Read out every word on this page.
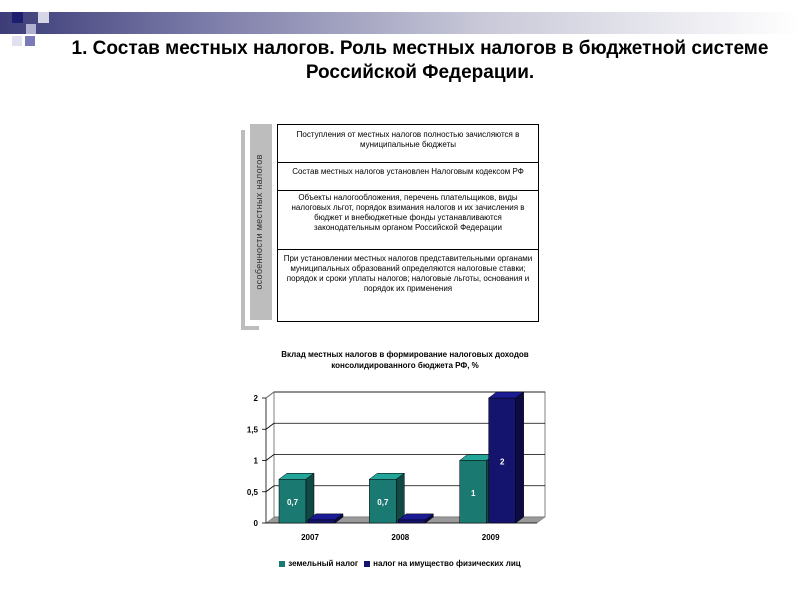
1. Состав местных налогов. Роль местных налогов в бюджетной системе Российской Федерации.
особенности местных налогов
Поступления от местных налогов полностью зачисляются в муниципальные бюджеты
Состав местных налогов установлен Налоговым кодексом РФ
Объекты налогообложения, перечень плательщиков, виды налоговых льгот, порядок взимания налогов и их зачисления в бюджет и внебюджетные фонды устанавливаются законодательным органом Российской Федерации
При установлении местных налогов представительными органами муниципальных образований определяются налоговые ставки; порядок и сроки уплаты налогов; налоговые льготы, основания и порядок их применения
Вклад местных налогов в формирование налоговых доходов консолидированного бюджета РФ, %
0
0,5
1
1,5
2
0,7
2007
0,7
2008
1
2
2009
земельный налог налог на имущество физических лиц
